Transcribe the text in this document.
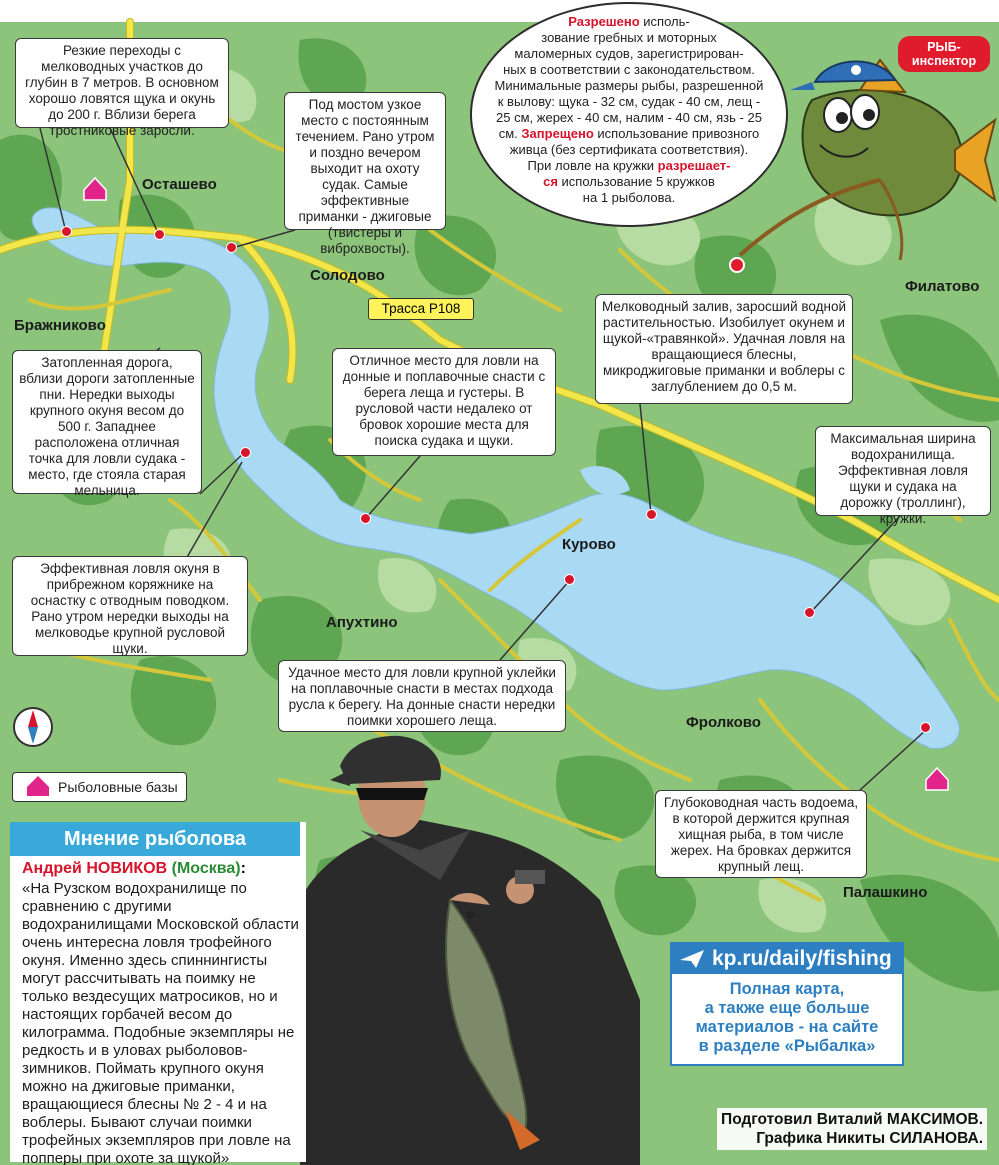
Осташево
Солодово
Бражниково
Филатово
Курово
Апухтино
Фролково
Палашкино
Трасса Р108
Разрешено исполь-
зование гребных и моторных
маломерных судов, зарегистрирован-
ных в соответствии с законодательством.
Минимальные размеры рыбы, разрешенной
к вылову: щука - 32 см, судак - 40 см, лещ -
25 см, жерех - 40 см, налим - 40 см, язь - 25
см. Запрещено использование привозного
живца (без сертификата соответствия).
При ловле на кружки разрешает-
ся использование 5 кружков
на 1 рыболова.
РЫБ-
инспектор
Резкие переходы с мелководных участков до глубин в 7 метров. В основном хорошо ловятся щука и окунь до 200 г. Вблизи берега тростниковые заросли.
Под мостом узкое место с постоянным течением. Рано утром и поздно вечером выходит на охоту судак. Самые эффективные приманки - джиговые (твистеры и виброхвосты).
Мелководный залив, заросший водной растительностью. Изобилует окунем и щукой-«травянкой». Удачная ловля на вращающиеся блесны, микроджиговые приманки и воблеры с заглублением до 0,5 м.
Затопленная дорога, вблизи дороги затопленные пни. Нередки выходы крупного окуня весом до 500 г. Западнее расположена отличная точка для ловли судака - место, где стояла старая мельница.
Отличное место для ловли на донные и поплавочные снасти с берега леща и густеры. В русловой части недалеко от бровок хорошие места для поиска судака и щуки.	Максимальная ширина водохранилища. Эффективная ловля щуки и судака на дорожку (троллинг), кружки.
Эффективная ловля окуня в прибрежном коряжнике на оснастку с отводным поводком. Рано утром нередки выходы на мелководье крупной русловой щуки.
Удачное место для ловли крупной уклейки на поплавочные снасти в местах подхода русла к берегу. На донные снасти нередки поимки хорошего леща.
Глубоководная часть водоема, в которой держится крупная хищная рыба, в том числе жерех. На бровках держится крупный лещ.
Рыболовные базы
Мнение рыболова
Андрей НОВИКОВ (Москва):
«На Рузском водохранилище по сравнению с другими водохранилищами Московской области очень интересна ловля трофейного окуня. Именно здесь спиннингисты могут рассчитывать на поимку не только вездесущих матросиков, но и настоящих горбачей весом до килограмма. Подобные экземпляры не редкость и в уловах рыболовов-зимников. Поймать крупного окуня можно на джиговые приманки, вращающиеся блесны № 2 - 4 и на воблеры. Бывают случаи поимки трофейных экземпляров при ловле на попперы при охоте за щукой»
kp.ru/daily/fishing
Полная карта,
а также еще больше
материалов - на сайте
в разделе «Рыбалка»
Подготовил Виталий МАКСИМОВ.
Графика Никиты СИЛАНОВА.
